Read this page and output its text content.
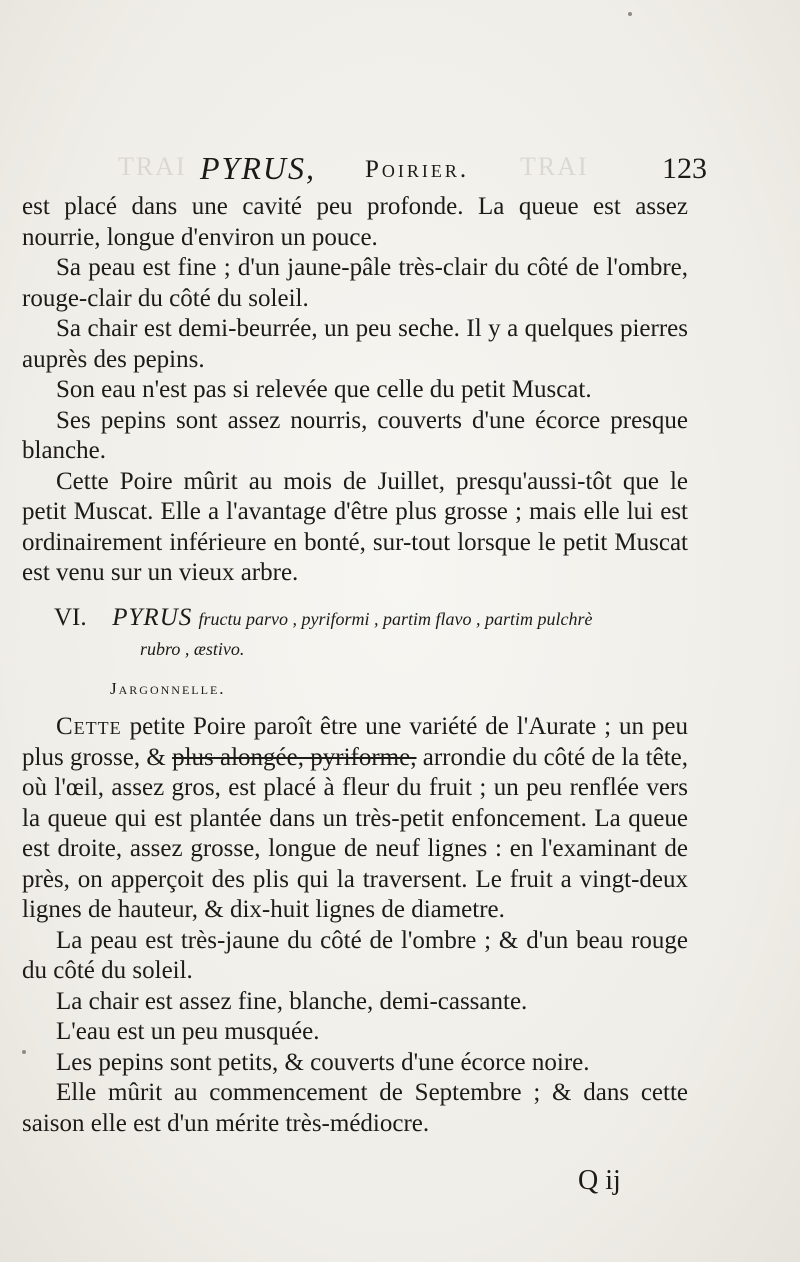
TRAI	TRAI
PYRUS, Poirier.	123

est placé dans une cavité peu profonde. La queue est assez nourrie, longue d'environ un pouce.

Sa peau est fine ; d'un jaune-pâle très-clair du côté de l'ombre, rouge-clair du côté du soleil.

Sa chair est demi-beurrée, un peu seche. Il y a quelques pierres auprès des pepins.

Son eau n'est pas si relevée que celle du petit Muscat.

Ses pepins sont assez nourris, couverts d'une écorce presque blanche.

Cette Poire mûrit au mois de Juillet, presqu'aussi-tôt que le petit Muscat. Elle a l'avantage d'être plus grosse ; mais elle lui est ordinairement inférieure en bonté, sur-tout lorsque le petit Muscat est venu sur un vieux arbre.

VI. PYRUS fructu parvo , pyriformi , partim flavo , partim pulchrè
rubro , æstivo.

Jargonnelle.

Cette petite Poire paroît être une variété de l'Aurate ; un peu plus grosse, & plus alongée, pyriforme, arrondie du côté de la tête, où l'œil, assez gros, est placé à fleur du fruit ; un peu renflée vers la queue qui est plantée dans un très-petit enfoncement. La queue est droite, assez grosse, longue de neuf lignes : en l'examinant de près, on apperçoit des plis qui la traversent. Le fruit a vingt-deux lignes de hauteur, & dix-huit lignes de diametre.

La peau est très-jaune du côté de l'ombre ; & d'un beau rouge du côté du soleil.

La chair est assez fine, blanche, demi-cassante.

L'eau est un peu musquée.

Les pepins sont petits, & couverts d'une écorce noire.

Elle mûrit au commencement de Septembre ; & dans cette saison elle est d'un mérite très-médiocre.

Q ij
